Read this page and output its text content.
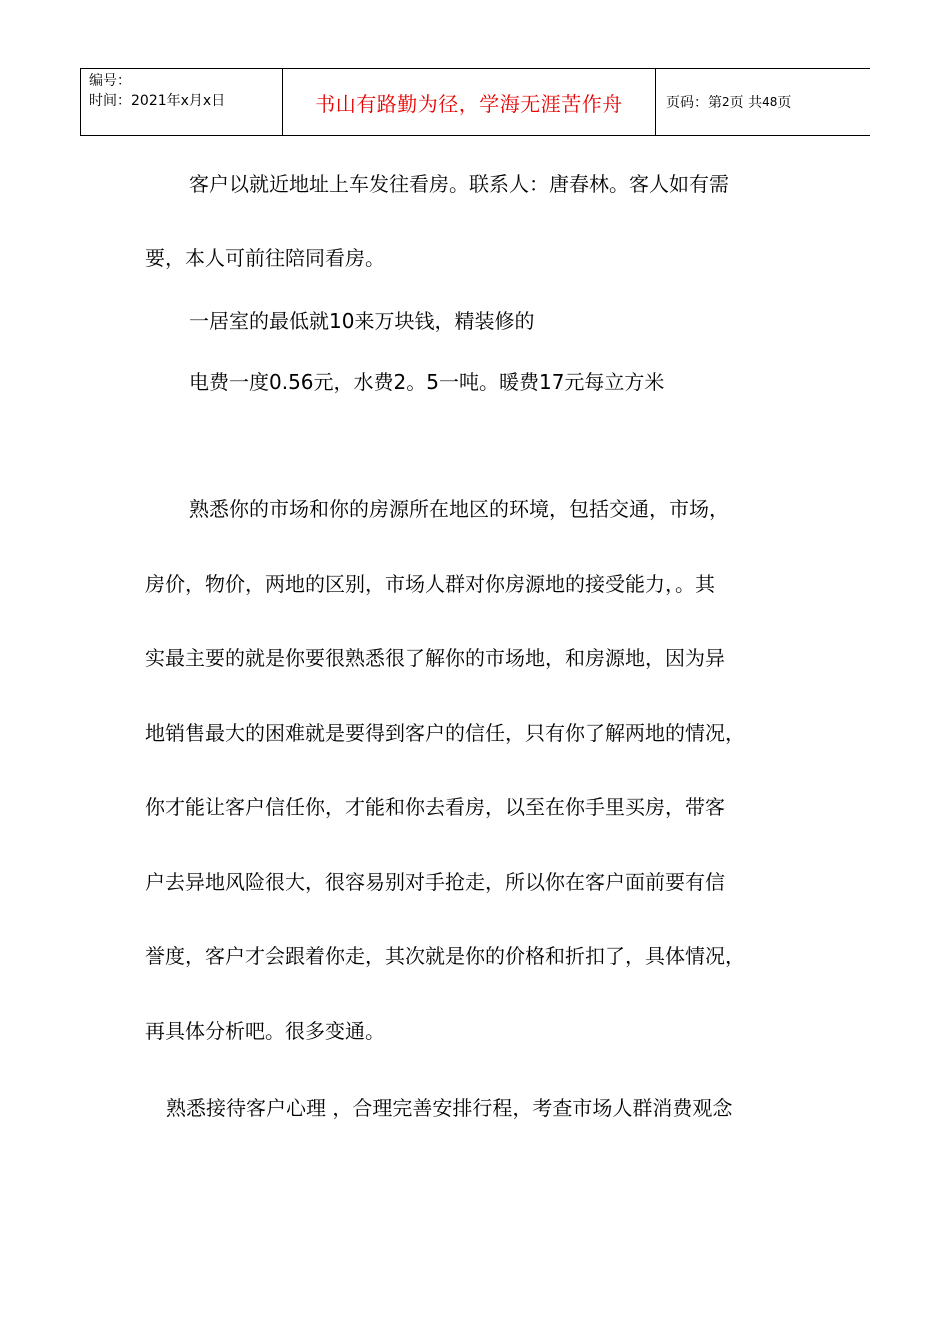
编号：
时间：2021年x月x日	书山有路勤为径，学海无涯苦作舟	页码：第 2 页 共 48 页

客户以就近地址上车发往看房。联系人：唐春林。客人如有需

要，本人可前往陪同看房。

一居室的最低就10来万块钱，精装修的

电费一度0.56元，水费2。5一吨。暖费17元每立方米

熟悉你的市场和你的房源所在地区的环境，包括交通，市场，

房价，物价，两地的区别，市场人群对你房源地的接受能力，。其

实最主要的就是你要很熟悉很了解你的市场地，和房源地，因为异

地销售最大的困难就是要得到客户的信任，只有你了解两地的情况，

你才能让客户信任你，才能和你去看房，以至在你手里买房，带客

户去异地风险很大，很容易别对手抢走，所以你在客户面前要有信

誉度，客户才会跟着你走，其次就是你的价格和折扣了，具体情况，

再具体分析吧。很多变通。

熟悉接待客户心理 ，合理完善安排行程，考查市场人群消费观念
